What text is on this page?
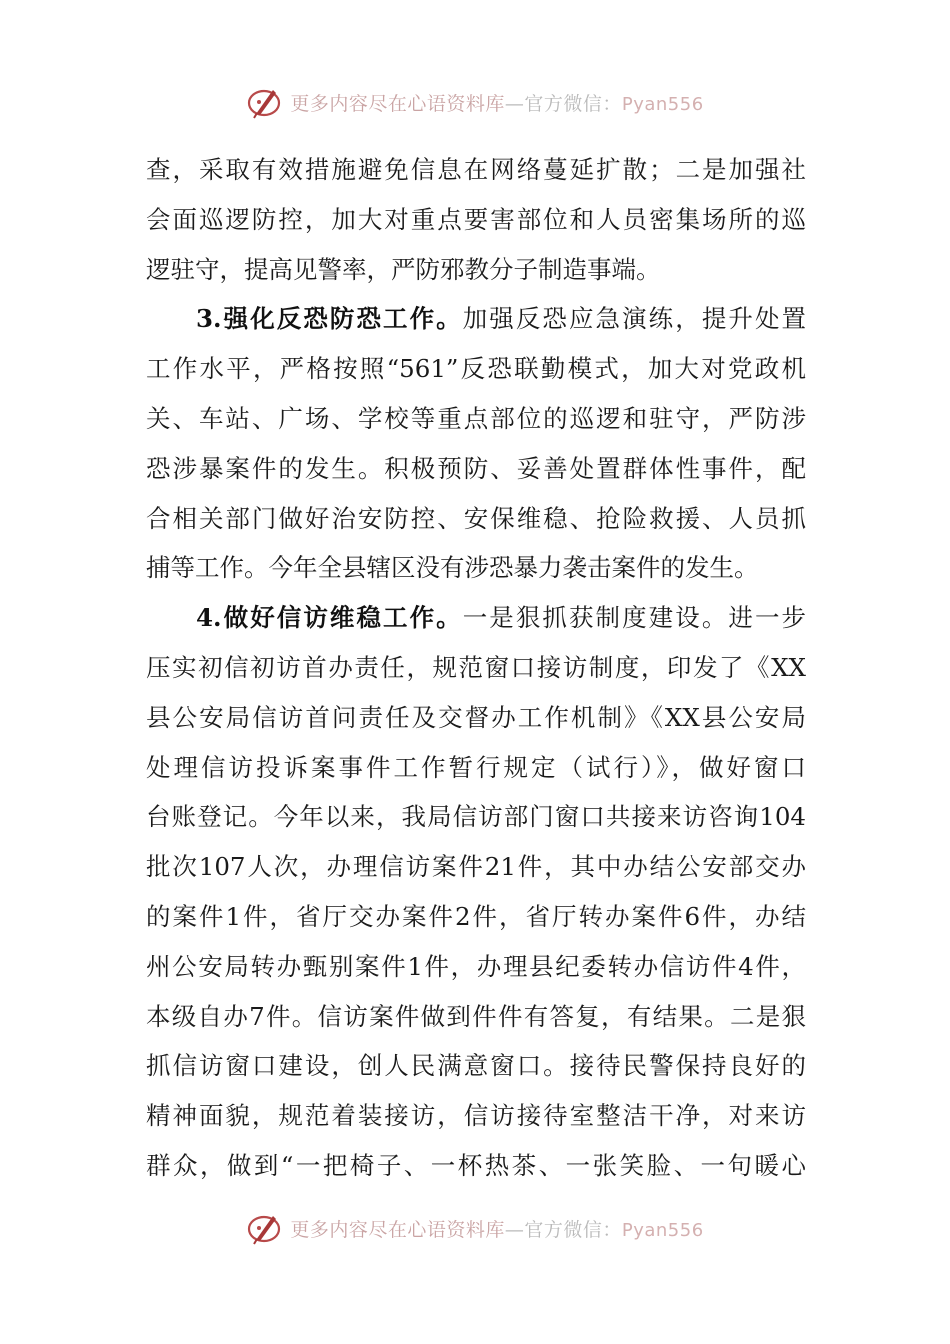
更多内容尽在心语资料库—官方微信：Pyan556
查，采取有效措施避免信息在网络蔓延扩散；二是加强社
会面巡逻防控，加大对重点要害部位和人员密集场所的巡
逻驻守，提高见警率，严防邪教分子制造事端。
3.强化反恐防恐工作。加强反恐应急演练，提升处置
工作水平，严格按照“561”反恐联勤模式，加大对党政机
关、车站、广场、学校等重点部位的巡逻和驻守，严防涉
恐涉暴案件的发生。积极预防、妥善处置群体性事件，配
合相关部门做好治安防控、安保维稳、抢险救援、人员抓
捕等工作。今年全县辖区没有涉恐暴力袭击案件的发生。
4.做好信访维稳工作。一是狠抓获制度建设。进一步
压实初信初访首办责任，规范窗口接访制度，印发了《XX
县公安局信访首问责任及交督办工作机制》《XX县公安局
处理信访投诉案事件工作暂行规定（试行）》，做好窗口
台账登记。今年以来，我局信访部门窗口共接来访咨询104
批次107人次，办理信访案件21件，其中办结公安部交办
的案件1件，省厅交办案件2件，省厅转办案件6件，办结
州公安局转办甄别案件1件，办理县纪委转办信访件4件，
本级自办7件。信访案件做到件件有答复，有结果。二是狠
抓信访窗口建设，创人民满意窗口。接待民警保持良好的
精神面貌，规范着装接访，信访接待室整洁干净，对来访
群众，做到“一把椅子、一杯热茶、一张笑脸、一句暖心
更多内容尽在心语资料库—官方微信：Pyan556
